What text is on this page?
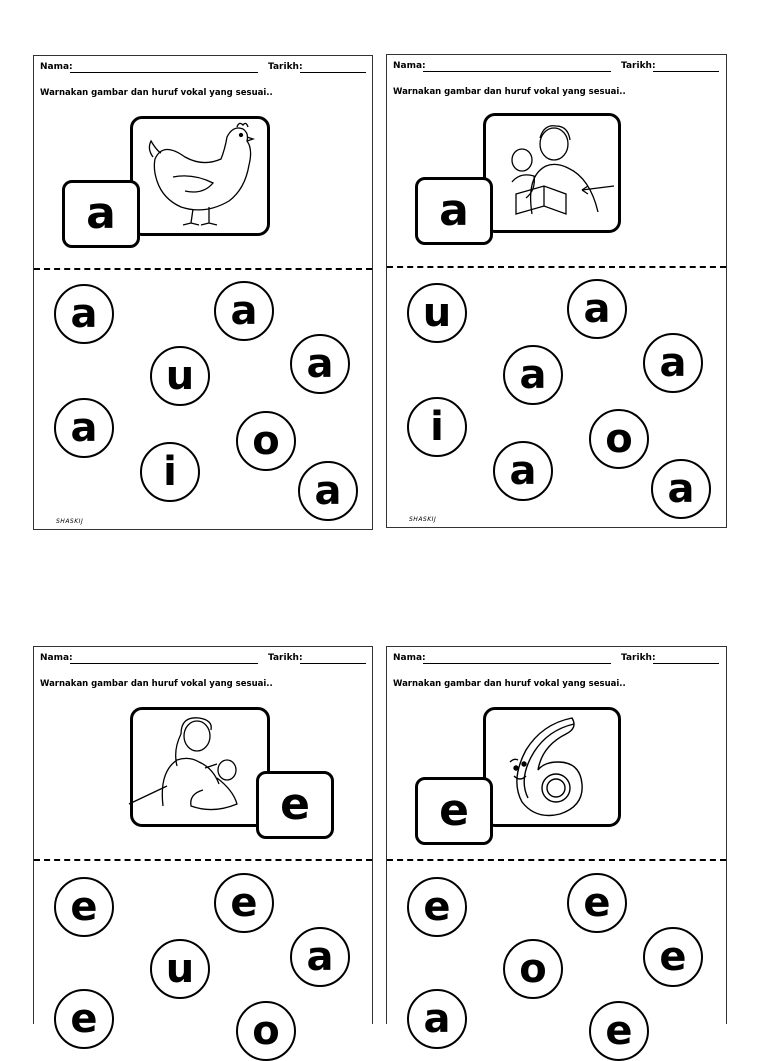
Nama:	Tarikh:
Warnakan gambar dan huruf vokal yang sesuai..
a
a	a
u	a
a	o
i	a
SHASKIJ
Nama:	Tarikh:
Warnakan gambar dan huruf vokal yang sesuai..
a
u	a
a	a
i	o
a	a
SHASKIJ
Nama:	Tarikh:
Warnakan gambar dan huruf vokal yang sesuai..
e
e	e
u	a
e	o
Nama:	Tarikh:
Warnakan gambar dan huruf vokal yang sesuai..
e
e	e
o	e
a	e
